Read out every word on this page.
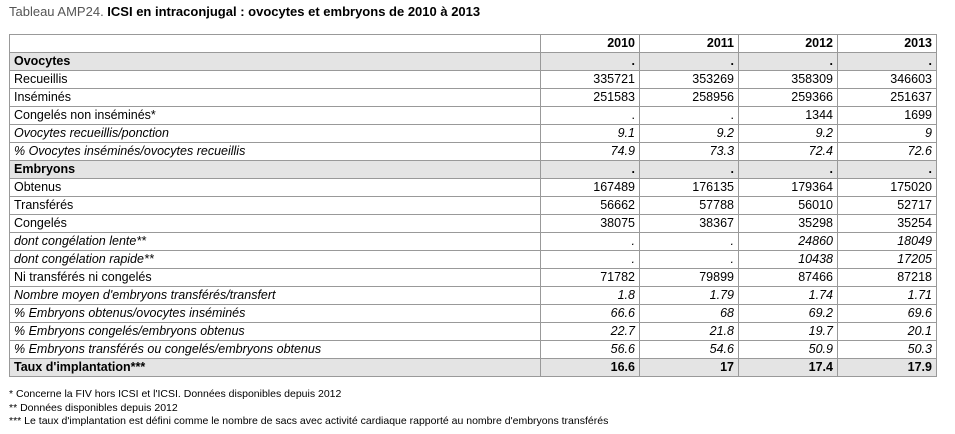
Tableau AMP24. ICSI en intraconjugal : ovocytes et embryons de 2010 à 2013
	2010	2011	2012	2013
Ovocytes	.	.	.	.
Recueillis	335721	353269	358309	346603
Inséminés	251583	258956	259366	251637
Congelés non inséminés*	.	.	1344	1699
Ovocytes recueillis/ponction	9.1	9.2	9.2	9
% Ovocytes inséminés/ovocytes recueillis	74.9	73.3	72.4	72.6
Embryons	.	.	.	.
Obtenus	167489	176135	179364	175020
Transférés	56662	57788	56010	52717
Congelés	38075	38367	35298	35254
dont congélation lente**	.	.	24860	18049
dont congélation rapide**	.	.	10438	17205
Ni transférés ni congelés	71782	79899	87466	87218
Nombre moyen d'embryons transférés/transfert	1.8	1.79	1.74	1.71
% Embryons obtenus/ovocytes inséminés	66.6	68	69.2	69.6
% Embryons congelés/embryons obtenus	22.7	21.8	19.7	20.1
% Embryons transférés ou congelés/embryons obtenus	56.6	54.6	50.9	50.3
Taux d'implantation***	16.6	17	17.4	17.9
* Concerne la FIV hors ICSI et l'ICSI. Données disponibles depuis 2012
** Données disponibles depuis 2012
*** Le taux d'implantation est défini comme le nombre de sacs avec activité cardiaque rapporté au nombre d'embryons transférés
